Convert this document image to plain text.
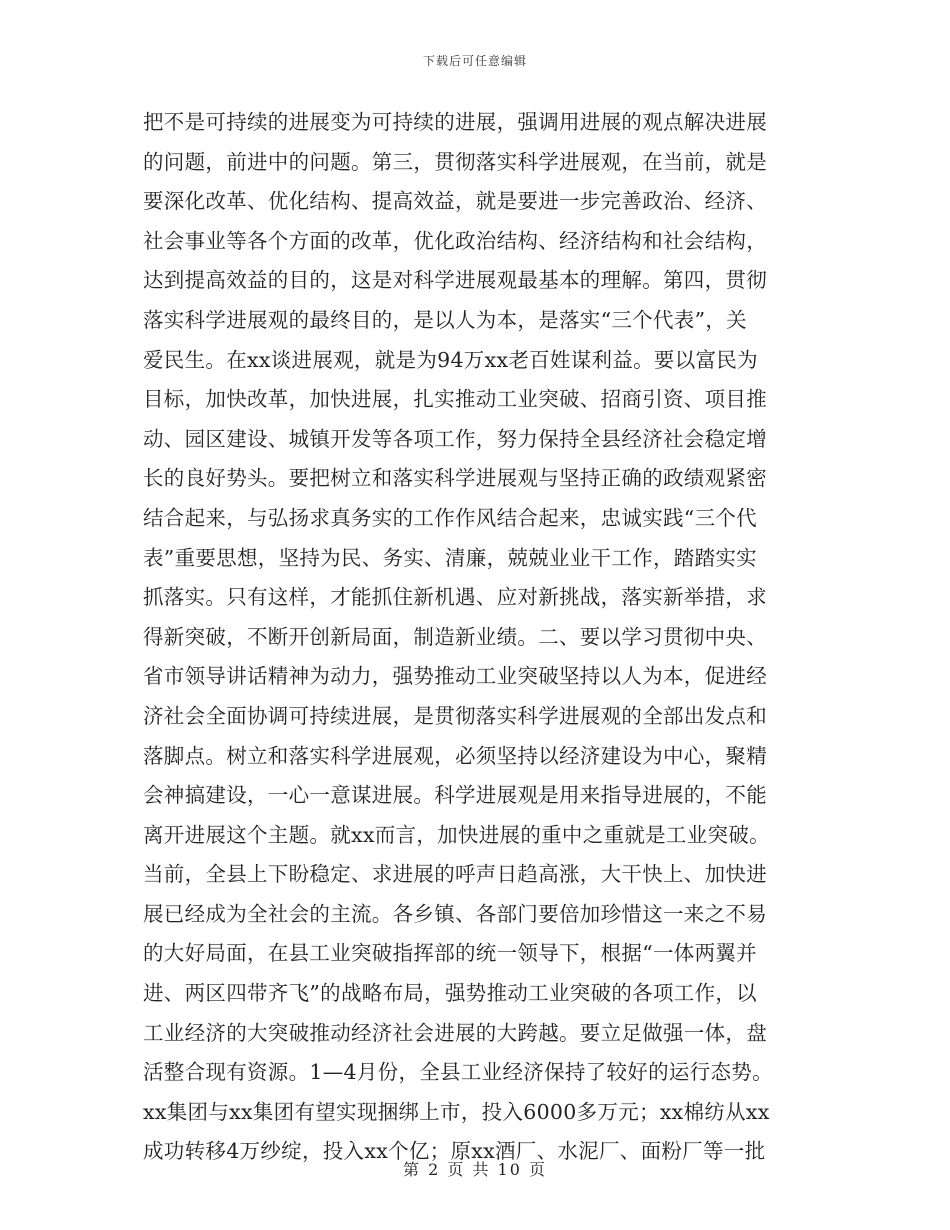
下载后可任意编辑
把不是可持续的进展变为可持续的进展，强调用进展的观点解决进展
的问题，前进中的问题。第三，贯彻落实科学进展观，在当前，就是
要深化改革、优化结构、提高效益，就是要进一步完善政治、经济、
社会事业等各个方面的改革，优化政治结构、经济结构和社会结构，
达到提高效益的目的，这是对科学进展观最基本的理解。第四，贯彻
落实科学进展观的最终目的，是以人为本，是落实“三个代表”，关
爱民生。在xx谈进展观，就是为94万xx老百姓谋利益。要以富民为
目标，加快改革，加快进展，扎实推动工业突破、招商引资、项目推
动、园区建设、城镇开发等各项工作，努力保持全县经济社会稳定增
长的良好势头。要把树立和落实科学进展观与坚持正确的政绩观紧密
结合起来，与弘扬求真务实的工作作风结合起来，忠诚实践“三个代
表”重要思想，坚持为民、务实、清廉，兢兢业业干工作，踏踏实实
抓落实。只有这样，才能抓住新机遇、应对新挑战，落实新举措，求
得新突破，不断开创新局面，制造新业绩。二、要以学习贯彻中央、
省市领导讲话精神为动力，强势推动工业突破坚持以人为本，促进经
济社会全面协调可持续进展，是贯彻落实科学进展观的全部出发点和
落脚点。树立和落实科学进展观，必须坚持以经济建设为中心，聚精
会神搞建设，一心一意谋进展。科学进展观是用来指导进展的，不能
离开进展这个主题。就xx而言，加快进展的重中之重就是工业突破。
当前，全县上下盼稳定、求进展的呼声日趋高涨，大干快上、加快进
展已经成为全社会的主流。各乡镇、各部门要倍加珍惜这一来之不易
的大好局面，在县工业突破指挥部的统一领导下，根据“一体两翼并
进、两区四带齐飞”的战略布局，强势推动工业突破的各项工作，以
工业经济的大突破推动经济社会进展的大跨越。要立足做强一体，盘
活整合现有资源。1—4月份，全县工业经济保持了较好的运行态势。
xx集团与xx集团有望实现捆绑上市，投入6000多万元；xx棉纺从xx
成功转移4万纱绽，投入xx个亿；原xx酒厂、水泥厂、面粉厂等一批
第 2 页 共 10 页
